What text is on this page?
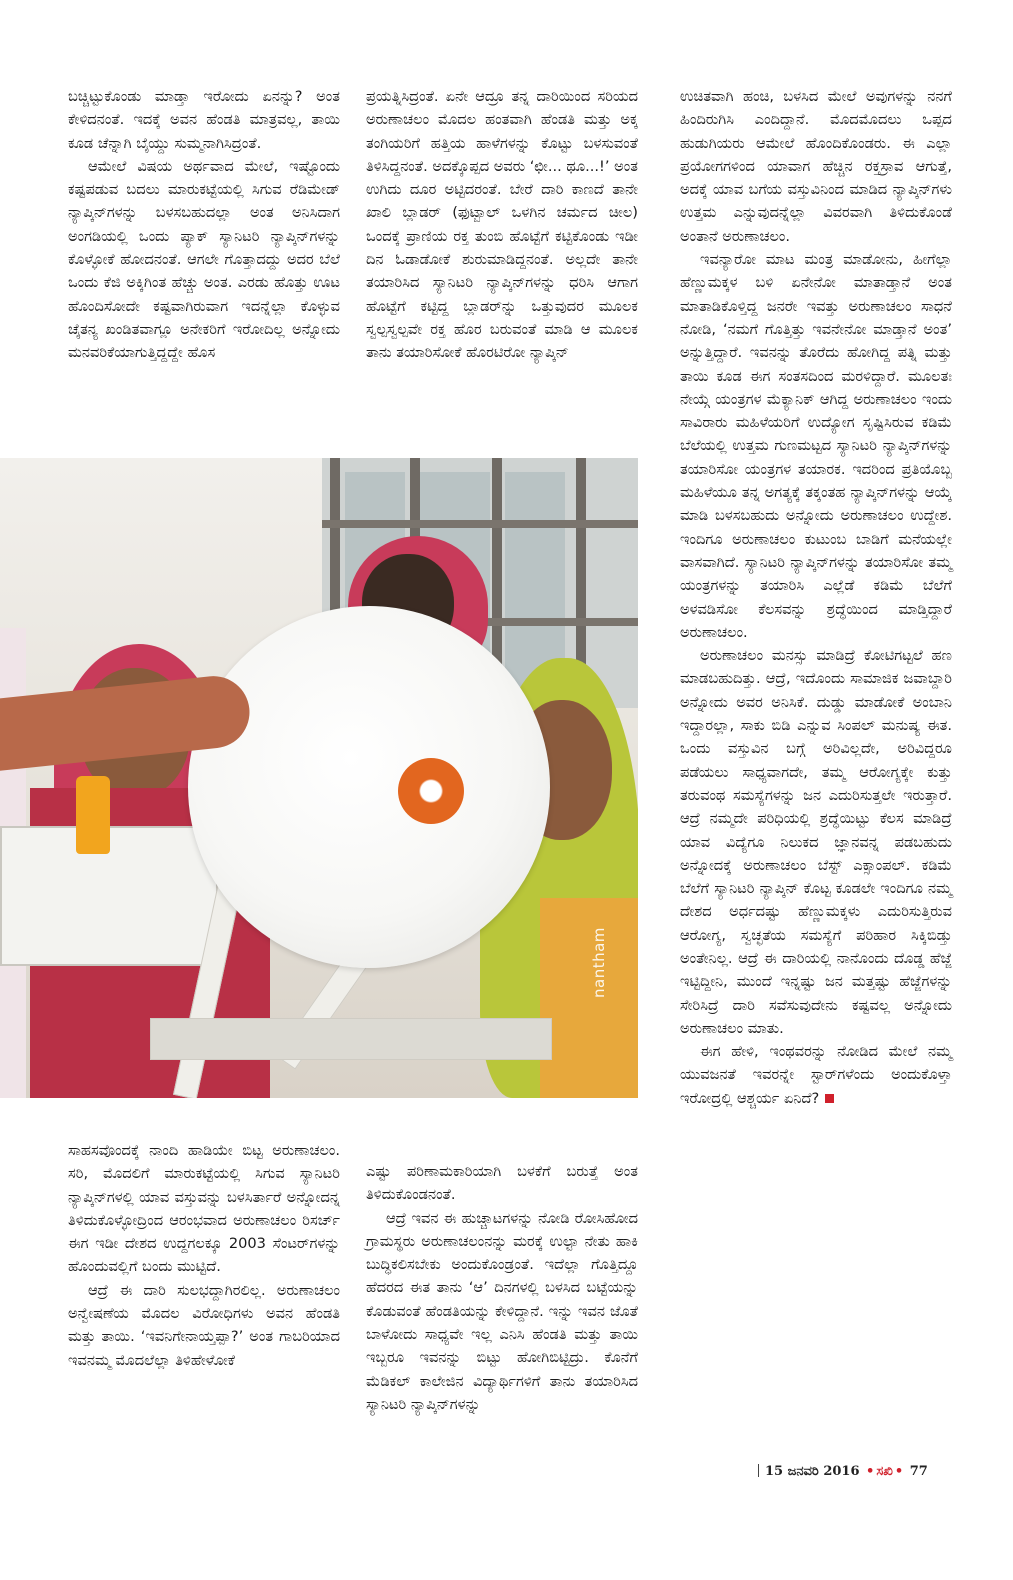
ಬಚ್ಚಿಟ್ಟುಕೊಂಡು ಮಾಡ್ತಾ ಇರೋದು ಏನನ್ನು? ಅಂತ ಕೇಳಿದನಂತೆ. ಇದಕ್ಕೆ ಅವನ ಹೆಂಡತಿ ಮಾತ್ರವಲ್ಲ, ತಾಯಿ ಕೂಡ ಚೆನ್ನಾಗಿ ಬೈಯ್ದು ಸುಮ್ಮನಾಗಿಸಿದ್ರಂತೆ.

ಆಮೇಲೆ ವಿಷಯ ಅರ್ಥವಾದ ಮೇಲೆ, ಇಷ್ಟೊಂದು ಕಷ್ಟಪಡುವ ಬದಲು ಮಾರುಕಟ್ಟೆಯಲ್ಲಿ ಸಿಗುವ ರೆಡಿಮೇಡ್ ನ್ಯಾಪ್ಕಿನ್‌ಗಳನ್ನು ಬಳಸಬಹುದಲ್ಲಾ ಅಂತ ಅನಿಸಿದಾಗ ಅಂಗಡಿಯಲ್ಲಿ ಒಂದು ಪ್ಯಾಕ್ ಸ್ಯಾನಿಟರಿ ನ್ಯಾಪ್ಕಿನ್‌ಗಳನ್ನು ಕೊಳ್ಳೋಕೆ ಹೋದನಂತೆ. ಆಗಲೇ ಗೊತ್ತಾದದ್ದು ಅದರ ಬೆಲೆ ಒಂದು ಕೆಜಿ ಅಕ್ಕಿಗಿಂತ ಹೆಚ್ಚು ಅಂತ. ಎರಡು ಹೊತ್ತು ಊಟ ಹೊಂದಿಸೋದೇ ಕಷ್ಟವಾಗಿರುವಾಗ ಇದನ್ನೆಲ್ಲಾ ಕೊಳ್ಳುವ ಚೈತನ್ಯ ಖಂಡಿತವಾಗ್ಲೂ ಅನೇಕರಿಗೆ ಇರೋದಿಲ್ಲ ಅನ್ನೋದು ಮನವರಿಕೆಯಾಗುತ್ತಿದ್ದದ್ದೇ ಹೊಸ

ಪ್ರಯತ್ನಿಸಿದ್ರಂತೆ. ಏನೇ ಆದ್ರೂ ತನ್ನ ದಾರಿಯಿಂದ ಸರಿಯದ ಅರುಣಾಚಲಂ ಮೊದಲ ಹಂತವಾಗಿ ಹೆಂಡತಿ ಮತ್ತು ಅಕ್ಕ ತಂಗಿಯರಿಗೆ ಹತ್ತಿಯ ಹಾಳೆಗಳನ್ನು ಕೊಟ್ಟು ಬಳಸುವಂತೆ ತಿಳಿಸಿದ್ದನಂತೆ. ಅದಕ್ಕೊಪ್ಪದ ಅವರು ‘ಛೀ... ಥೂ...!’ ಅಂತ ಉಗಿದು ದೂರ ಅಟ್ಟಿದರಂತೆ. ಬೇರೆ ದಾರಿ ಕಾಣದೆ ತಾನೇ ಖಾಲಿ ಬ್ಲಾಡರ್ (ಫುಟ್ಬಾಲ್ ಒಳಗಿನ ಚರ್ಮದ ಚೀಲ) ಒಂದಕ್ಕೆ ಪ್ರಾಣಿಯ ರಕ್ತ ತುಂಬಿ ಹೊಟ್ಟೆಗೆ ಕಟ್ಟಿಕೊಂಡು ಇಡೀ ದಿನ ಓಡಾಡೋಕೆ ಶುರುಮಾಡಿದ್ದನಂತೆ. ಅಲ್ಲದೇ ತಾನೇ ತಯಾರಿಸಿದ ಸ್ಯಾನಿಟರಿ ನ್ಯಾಪ್ಕಿನ್‌ಗಳನ್ನು ಧರಿಸಿ ಆಗಾಗ ಹೊಟ್ಟೆಗೆ ಕಟ್ಟಿದ್ದ ಬ್ಲಾಡರ್‌ನ್ನು ಒತ್ತುವುದರ ಮೂಲಕ ಸ್ವಲ್ಪಸ್ವಲ್ಪವೇ ರಕ್ತ ಹೊರ ಬರುವಂತೆ ಮಾಡಿ ಆ ಮೂಲಕ ತಾನು ತಯಾರಿಸೋಕೆ ಹೊರಟಿರೋ ನ್ಯಾಪ್ಕಿನ್

ಉಚಿತವಾಗಿ ಹಂಚಿ, ಬಳಸಿದ ಮೇಲೆ ಅವುಗಳನ್ನು ನನಗೆ ಹಿಂದಿರುಗಿಸಿ ಎಂದಿದ್ದಾನೆ. ಮೊದಮೊದಲು ಒಪ್ಪದ ಹುಡುಗಿಯರು ಆಮೇಲೆ ಹೊಂದಿಕೊಂಡರು. ಈ ಎಲ್ಲಾ ಪ್ರಯೋಗಗಳಿಂದ ಯಾವಾಗ ಹೆಚ್ಚಿನ ರಕ್ತಸ್ರಾವ ಆಗುತ್ತೆ, ಅದಕ್ಕೆ ಯಾವ ಬಗೆಯ ವಸ್ತುವಿನಿಂದ ಮಾಡಿದ ನ್ಯಾಪ್ಕಿನ್‌ಗಳು ಉತ್ತಮ ಎನ್ನುವುದನ್ನೆಲ್ಲಾ ವಿವರವಾಗಿ ತಿಳಿದುಕೊಂಡೆ ಅಂತಾನೆ ಅರುಣಾಚಲಂ.

ಇವನ್ಯಾರೋ ಮಾಟ ಮಂತ್ರ ಮಾಡೋನು, ಹೀಗೆಲ್ಲಾ ಹೆಣ್ಣುಮಕ್ಕಳ ಬಳಿ ಏನೇನೋ ಮಾತಾಡ್ತಾನೆ ಅಂತ ಮಾತಾಡಿಕೊಳ್ತಿದ್ದ ಜನರೇ ಇವತ್ತು ಅರುಣಾಚಲಂ ಸಾಧನೆ ನೋಡಿ, ‘ನಮಗೆ ಗೊತ್ತಿತ್ತು ಇವನೇನೋ ಮಾಡ್ತಾನೆ ಅಂತ’ ಅನ್ನುತ್ತಿದ್ದಾರೆ. ಇವನನ್ನು ತೊರೆದು ಹೋಗಿದ್ದ ಪತ್ನಿ ಮತ್ತು ತಾಯಿ ಕೂಡ ಈಗ ಸಂತಸದಿಂದ ಮರಳಿದ್ದಾರೆ. ಮೂಲತಃ ನೇಯ್ಗೆ ಯಂತ್ರಗಳ ಮೆಕ್ಯಾನಿಕ್ ಆಗಿದ್ದ ಅರುಣಾಚಲಂ ಇಂದು ಸಾವಿರಾರು ಮಹಿಳೆಯರಿಗೆ ಉದ್ಯೋಗ ಸೃಷ್ಟಿಸಿರುವ ಕಡಿಮೆ ಬೆಲೆಯಲ್ಲಿ ಉತ್ತಮ ಗುಣಮಟ್ಟದ ಸ್ಯಾನಿಟರಿ ನ್ಯಾಪ್ಕಿನ್‌ಗಳನ್ನು ತಯಾರಿಸೋ ಯಂತ್ರಗಳ ತಯಾರಕ. ಇದರಿಂದ ಪ್ರತಿಯೊಬ್ಬ ಮಹಿಳೆಯೂ ತನ್ನ ಅಗತ್ಯಕ್ಕೆ ತಕ್ಕಂತಹ ನ್ಯಾಪ್ಕಿನ್‌ಗಳನ್ನು ಆಯ್ಕೆ ಮಾಡಿ ಬಳಸಬಹುದು ಅನ್ನೋದು ಅರುಣಾಚಲಂ ಉದ್ದೇಶ. ಇಂದಿಗೂ ಅರುಣಾಚಲಂ ಕುಟುಂಬ ಬಾಡಿಗೆ ಮನೆಯಲ್ಲೇ ವಾಸವಾಗಿದೆ. ಸ್ಯಾನಿಟರಿ ನ್ಯಾಪ್ಕಿನ್‌ಗಳನ್ನು ತಯಾರಿಸೋ ತಮ್ಮ ಯಂತ್ರಗಳನ್ನು ತಯಾರಿಸಿ ಎಲ್ಲೆಡೆ ಕಡಿಮೆ ಬೆಲೆಗೆ ಅಳವಡಿಸೋ ಕೆಲಸವನ್ನು ಶ್ರದ್ಧೆಯಿಂದ ಮಾಡ್ತಿದ್ದಾರೆ ಅರುಣಾಚಲಂ.

ಅರುಣಾಚಲಂ ಮನಸ್ಸು ಮಾಡಿದ್ರೆ ಕೋಟಿಗಟ್ಟಲೆ ಹಣ ಮಾಡಬಹುದಿತ್ತು. ಆದ್ರೆ, ಇದೊಂದು ಸಾಮಾಜಿಕ ಜವಾಬ್ದಾರಿ ಅನ್ನೋದು ಅವರ ಅನಿಸಿಕೆ. ದುಡ್ಡು ಮಾಡೋಕೆ ಅಂಬಾನಿ ಇದ್ದಾರಲ್ಲಾ, ಸಾಕು ಬಿಡಿ ಎನ್ನುವ ಸಿಂಪಲ್ ಮನುಷ್ಯ ಈತ. ಒಂದು ವಸ್ತುವಿನ ಬಗ್ಗೆ ಅರಿವಿಲ್ಲದೇ, ಅರಿವಿದ್ದರೂ ಪಡೆಯಲು ಸಾಧ್ಯವಾಗದೇ, ತಮ್ಮ ಆರೋಗ್ಯಕ್ಕೇ ಕುತ್ತು ತರುವಂಥ ಸಮಸ್ಯೆಗಳನ್ನು ಜನ ಎದುರಿಸುತ್ತಲೇ ಇರುತ್ತಾರೆ. ಆದ್ರೆ ನಮ್ಮದೇ ಪರಿಧಿಯಲ್ಲಿ ಶ್ರದ್ಧೆಯಿಟ್ಟು ಕೆಲಸ ಮಾಡಿದ್ರೆ ಯಾವ ವಿದ್ಯೆಗೂ ನಿಲುಕದ ಜ್ಞಾನವನ್ನ ಪಡಬಹುದು ಅನ್ನೋದಕ್ಕೆ ಅರುಣಾಚಲಂ ಬೆಸ್ಟ್ ಎಕ್ಸಾಂಪಲ್. ಕಡಿಮೆ ಬೆಲೆಗೆ ಸ್ಯಾನಿಟರಿ ನ್ಯಾಪ್ಕಿನ್ ಕೊಟ್ಟ ಕೂಡಲೇ ಇಂದಿಗೂ ನಮ್ಮ ದೇಶದ ಅರ್ಧದಷ್ಟು ಹೆಣ್ಣುಮಕ್ಕಳು ಎದುರಿಸುತ್ತಿರುವ ಆರೋಗ್ಯ, ಸ್ವಚ್ಛತೆಯ ಸಮಸ್ಯೆಗೆ ಪರಿಹಾರ ಸಿಕ್ಕಿಬಿಡ್ತು ಅಂತೇನಿಲ್ಲ. ಆದ್ರೆ ಈ ದಾರಿಯಲ್ಲಿ ನಾನೊಂದು ದೊಡ್ಡ ಹೆಜ್ಜೆ ಇಟ್ಟಿದ್ದೀನಿ, ಮುಂದೆ ಇನ್ನಷ್ಟು ಜನ ಮತ್ತಷ್ಟು ಹೆಜ್ಜೆಗಳನ್ನು ಸೇರಿಸಿದ್ರೆ ದಾರಿ ಸವೆಸುವುದೇನು ಕಷ್ಟವಲ್ಲ ಅನ್ನೋದು ಅರುಣಾಚಲಂ ಮಾತು.

ಈಗ ಹೇಳಿ, ಇಂಥವರನ್ನು ನೋಡಿದ ಮೇಲೆ ನಮ್ಮ ಯುವಜನತೆ ಇವರನ್ನೇ ಸ್ಟಾರ್‌ಗಳೆಂದು ಅಂದುಕೊಳ್ತಾ ಇರೋದ್ರಲ್ಲಿ ಆಶ್ಚರ್ಯ ಏನಿದೆ?

nantham

ಸಾಹಸವೊಂದಕ್ಕೆ ನಾಂದಿ ಹಾಡಿಯೇ ಬಿಟ್ಟ ಅರುಣಾಚಲಂ. ಸರಿ, ಮೊದಲಿಗೆ ಮಾರುಕಟ್ಟೆಯಲ್ಲಿ ಸಿಗುವ ಸ್ಯಾನಿಟರಿ ನ್ಯಾಪ್ಕಿನ್‌ಗಳಲ್ಲಿ ಯಾವ ವಸ್ತುವನ್ನು ಬಳಸಿರ್ತಾರೆ ಅನ್ನೋದನ್ನ ತಿಳಿದುಕೊಳ್ಳೋದ್ರಿಂದ ಆರಂಭವಾದ ಅರುಣಾಚಲಂ ರಿಸರ್ಚ್ ಈಗ ಇಡೀ ದೇಶದ ಉದ್ದಗಲಕ್ಕೂ 2003 ಸೆಂಟರ್‌ಗಳನ್ನು ಹೊಂದುವಲ್ಲಿಗೆ ಬಂದು ಮುಟ್ಟಿದೆ.

ಆದ್ರೆ ಈ ದಾರಿ ಸುಲಭದ್ದಾಗಿರಲಿಲ್ಲ. ಅರುಣಾಚಲಂ ಅನ್ವೇಷಣೆಯ ಮೊದಲ ವಿರೋಧಿಗಳು ಅವನ ಹೆಂಡತಿ ಮತ್ತು ತಾಯಿ. ‘ಇವನಿಗೇನಾಯ್ತಪ್ಪಾ?’ ಅಂತ ಗಾಬರಿಯಾದ ಇವನಮ್ಮ ಮೊದಲೆಲ್ಲಾ ತಿಳಿಹೇಳೋಕೆ

ಎಷ್ಟು ಪರಿಣಾಮಕಾರಿಯಾಗಿ ಬಳಕೆಗೆ ಬರುತ್ತೆ ಅಂತ ತಿಳಿದುಕೊಂಡನಂತೆ.

ಆದ್ರೆ ಇವನ ಈ ಹುಚ್ಚಾಟಗಳನ್ನು ನೋಡಿ ರೋಸಿಹೋದ ಗ್ರಾಮಸ್ಥರು ಅರುಣಾಚಲಂನನ್ನು ಮರಕ್ಕೆ ಉಲ್ಟಾ ನೇತು ಹಾಕಿ ಬುದ್ಧಿಕಲಿಸಬೇಕು ಅಂದುಕೊಂಡ್ರಂತೆ. ಇದೆಲ್ಲಾ ಗೊತ್ತಿದ್ದೂ ಹೆದರದ ಈತ ತಾನು ‘ಆ’ ದಿನಗಳಲ್ಲಿ ಬಳಸಿದ ಬಟ್ಟೆಯನ್ನು ಕೊಡುವಂತೆ ಹೆಂಡತಿಯನ್ನು ಕೇಳಿದ್ದಾನೆ. ಇನ್ನು ಇವನ ಜೊತೆ ಬಾಳೋದು ಸಾಧ್ಯವೇ ಇಲ್ಲ ಎನಿಸಿ ಹೆಂಡತಿ ಮತ್ತು ತಾಯಿ ಇಬ್ಬರೂ ಇವನನ್ನು ಬಿಟ್ಟು ಹೋಗಿಬಿಟ್ಟಿದ್ರು. ಕೊನೆಗೆ ಮೆಡಿಕಲ್ ಕಾಲೇಜಿನ ವಿದ್ಯಾರ್ಥಿಗಳಿಗೆ ತಾನು ತಯಾರಿಸಿದ ಸ್ಯಾನಿಟರಿ ನ್ಯಾಪ್ಕಿನ್‌ಗಳನ್ನು

15 ಜನವರಿ 2016 • ಸಖಿ • 77
